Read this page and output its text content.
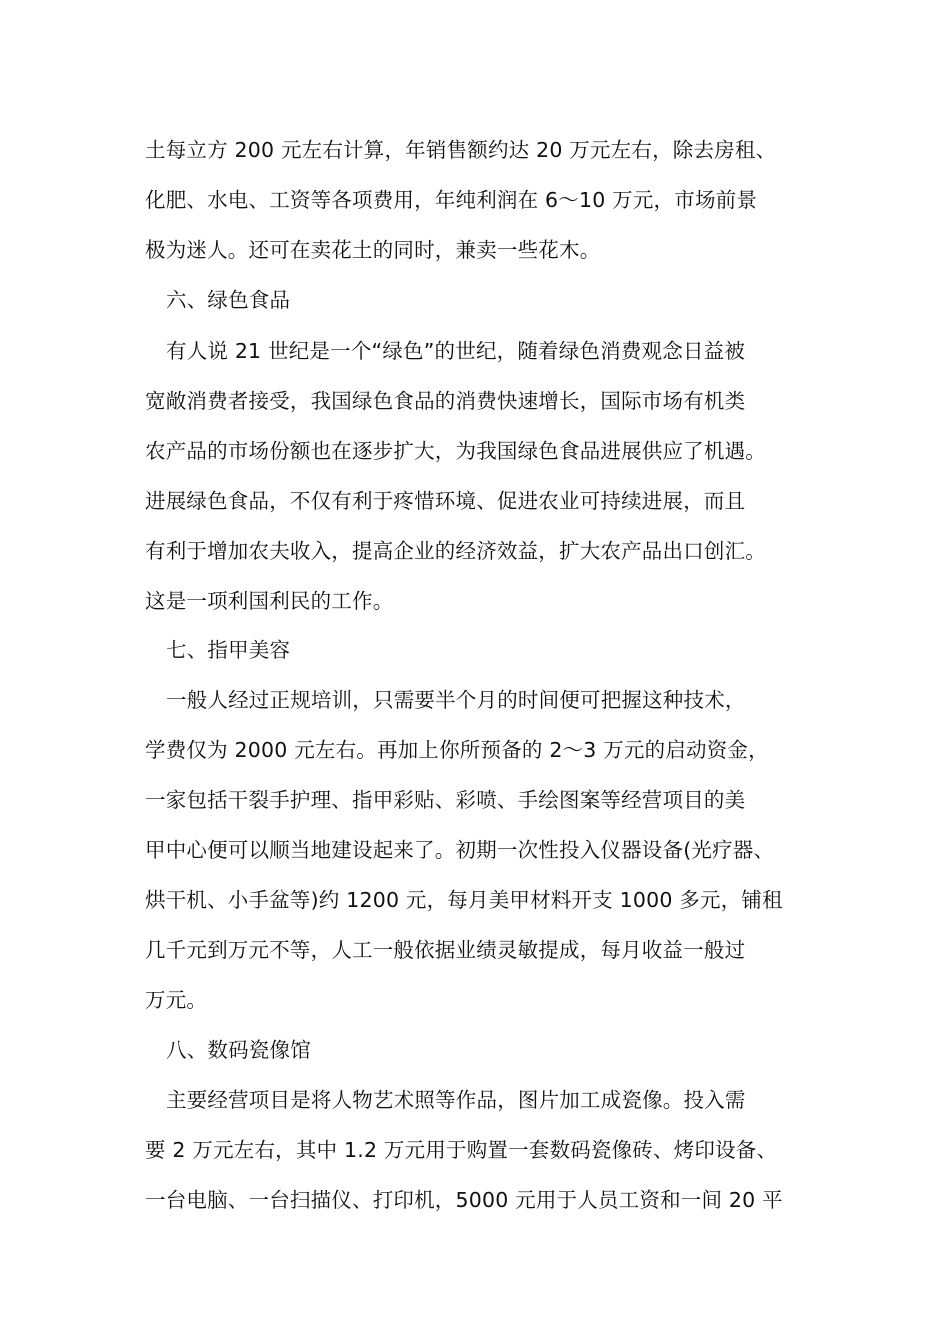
土每立方 200 元左右计算，年销售额约达 20 万元左右，除去房租、
化肥、水电、工资等各项费用，年纯利润在 6～10 万元，市场前景
极为迷人。还可在卖花土的同时，兼卖一些花木。
六、绿色食品
有人说 21 世纪是一个“绿色”的世纪，随着绿色消费观念日益被
宽敞消费者接受，我国绿色食品的消费快速增长，国际市场有机类
农产品的市场份额也在逐步扩大，为我国绿色食品进展供应了机遇。
进展绿色食品，不仅有利于疼惜环境、促进农业可持续进展，而且
有利于增加农夫收入，提高企业的经济效益，扩大农产品出口创汇。
这是一项利国利民的工作。
七、指甲美容
一般人经过正规培训，只需要半个月的时间便可把握这种技术，
学费仅为 2000 元左右。再加上你所预备的 2～3 万元的启动资金，
一家包括干裂手护理、指甲彩贴、彩喷、手绘图案等经营项目的美
甲中心便可以顺当地建设起来了。初期一次性投入仪器设备(光疗器、
烘干机、小手盆等)约 1200 元，每月美甲材料开支 1000 多元，铺租
几千元到万元不等，人工一般依据业绩灵敏提成，每月收益一般过
万元。
八、数码瓷像馆
主要经营项目是将人物艺术照等作品，图片加工成瓷像。投入需
要 2 万元左右，其中 1.2 万元用于购置一套数码瓷像砖、烤印设备、
一台电脑、一台扫描仪、打印机，5000 元用于人员工资和一间 20 平
